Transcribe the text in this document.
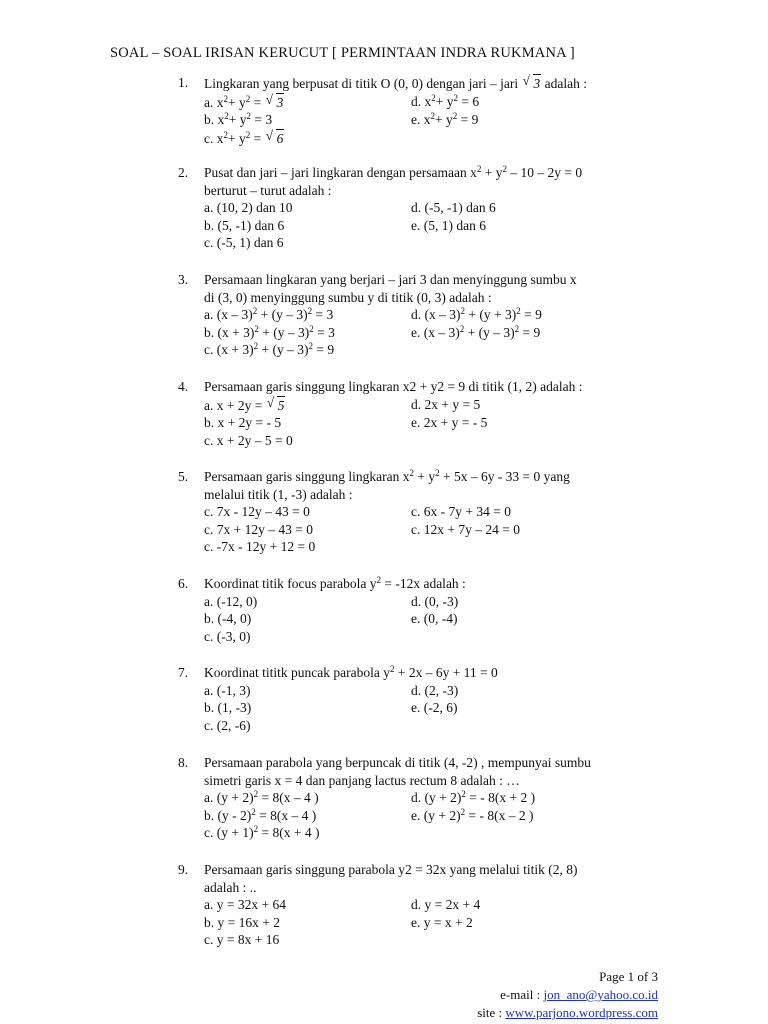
SOAL – SOAL IRISAN KERUCUT [ PERMINTAAN INDRA RUKMANA ]
1.	Lingkaran yang berpusat di titik O (0, 0) dengan jari – jari √ 3 adalah :
a. $x^2+ y^2$ = √ 3	d. $x^2+ y^2 = 6$
b. $x^2+ y^2 = 3$	e. $x^2+ y^2 = 9$
c. $x^2+ y^2$ = √ 6
2.	Pusat dan jari – jari lingkaran dengan persamaan $x^2 + y^2 - 10 - 2y = 0$
berturut – turut adalah :
a. (10, 2) dan 10	d. (-5, -1) dan 6
b. (5, -1) dan 6	e. (5, 1) dan 6
c. (-5, 1) dan 6
3.	Persamaan lingkaran yang berjari – jari 3 dan menyinggung sumbu x
di (3, 0) menyinggung sumbu y di titik (0, 3) adalah :
a. (x – 3)$^2$ + (y – 3)$^2$ = 3	d. $(x - 3)^2 + (y + 3)^2 = 9$
b. $(x + 3)^2 + (y - 3)^2 = 3$	e. (x – 3)$^2$ + (y – 3)$^2$ = 9
c. $(x + 3)^2 + (y - 3)^2 = 9$
4.	Persamaan garis singgung lingkaran x2 + y2 = 9 di titik (1, 2) adalah :
a. x + 2y = √ 5	d. 2x + y = 5
b. x + 2y = - 5	e. 2x + y = - 5
c. x + 2y – 5 = 0
5.	Persamaan garis singgung lingkaran $x^2 + y^2 + 5x - 6y - 33 = 0$ yang
melalui titik (1, -3) adalah :
c. 7x - 12y – 43 = 0	c. 6x - 7y + 34 = 0
c. 7x + 12y – 43 = 0	c. 12x + 7y – 24 = 0
c. -7x - 12y + 12 = 0
6.	Koordinat titik focus parabola $y^2 = -12x$ adalah :
a. (-12, 0)	d. (0, -3)
b. (-4, 0)	e. (0, -4)
c. (-3, 0)
7.	Koordinat tititk puncak parabola $y^2 + 2x - 6y + 11 = 0$
a. (-1, 3)	d. (2, -3)
b. (1, -3)	e. (-2, 6)
c. (2, -6)
8.	Persamaan parabola yang berpuncak di titik (4, -2) , mempunyai sumbu
simetri garis x = 4 dan panjang lactus rectum 8 adalah : …
a. $(y + 2)^2 = 8(x - 4$ )	d. $(y + 2)^2$ = - 8(x + 2 )
b. (y - 2)$^2$ = 8(x – 4 )	e. $(y + 2)^2$ = - 8(x – 2 )
c. $(y + 1)^2 = 8(x + 4$ )
9.	Persamaan garis singgung parabola y2 = 32x yang melalui titik (2, 8)
adalah : ..
a. y = 32x + 64	d. y = 2x + 4
b. y = 16x + 2	e. y = x + 2
c. y = 8x + 16
Page 1 of 3
e-mail : jon_ano@yahoo.co.id
site : www.parjono.wordpress.com
